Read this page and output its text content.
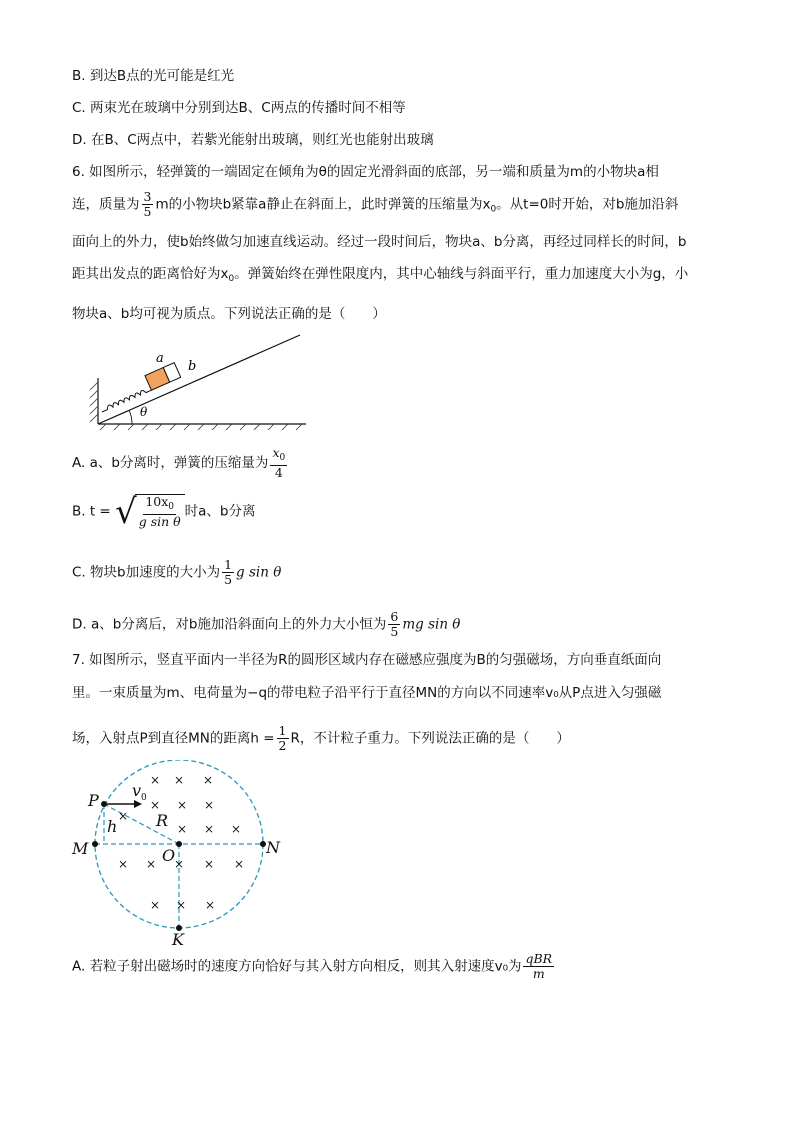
B. 到达B点的光可能是红光
C. 两束光在玻璃中分别到达B、C两点的传播时间不相等
D. 在B、C两点中，若紫光能射出玻璃，则红光也能射出玻璃
6. 如图所示，轻弹簧的一端固定在倾角为θ的固定光滑斜面的底部，另一端和质量为m的小物块a相
连，质量为 $\frac{3}{5}$ m的小物块b紧靠a静止在斜面上，此时弹簧的压缩量为$x_0$。从t=0时开始，对b施加沿斜
面向上的外力，使b始终做匀加速直线运动。经过一段时间后，物块a、b分离，再经过同样长的时间，b
距其出发点的距离恰好为$x_0$。弹簧始终在弹性限度内，其中心轴线与斜面平行，重力加速度大小为g，小
物块a、b均可视为质点。下列说法正确的是（　　）
a
b
θ
A. a、b分离时，弹簧的压缩量为 $\frac{x_0}{4}$
B. t = √ $\frac{10x_0}{\text{g sin θ}}$ 时a、b分离
C. 物块b加速度的大小为 $\frac{1}{5}$ g sin θ
D. a、b分离后，对b施加沿斜面向上的外力大小恒为 $\frac{6}{5}$ mg sin θ
7. 如图所示，竖直平面内一半径为R的圆形区域内存在磁感应强度为B的匀强磁场，方向垂直纸面向
里。一束质量为m、电荷量为−q的带电粒子沿平行于直径MN的方向以不同速率v₀从P点进入匀强磁
场，入射点P到直径MN的距离$h = \frac{1}{2}$ R，不计粒子重力。下列说法正确的是（　　）
× × ×
× × ×
×
× × ×
× × × × ×
× × ×
P
v 0
R
h
M	O	N
K
A. 若粒子射出磁场时的速度方向恰好与其入射方向相反，则其入射速度v₀为 $\frac{\text{qBR}}{m}$
